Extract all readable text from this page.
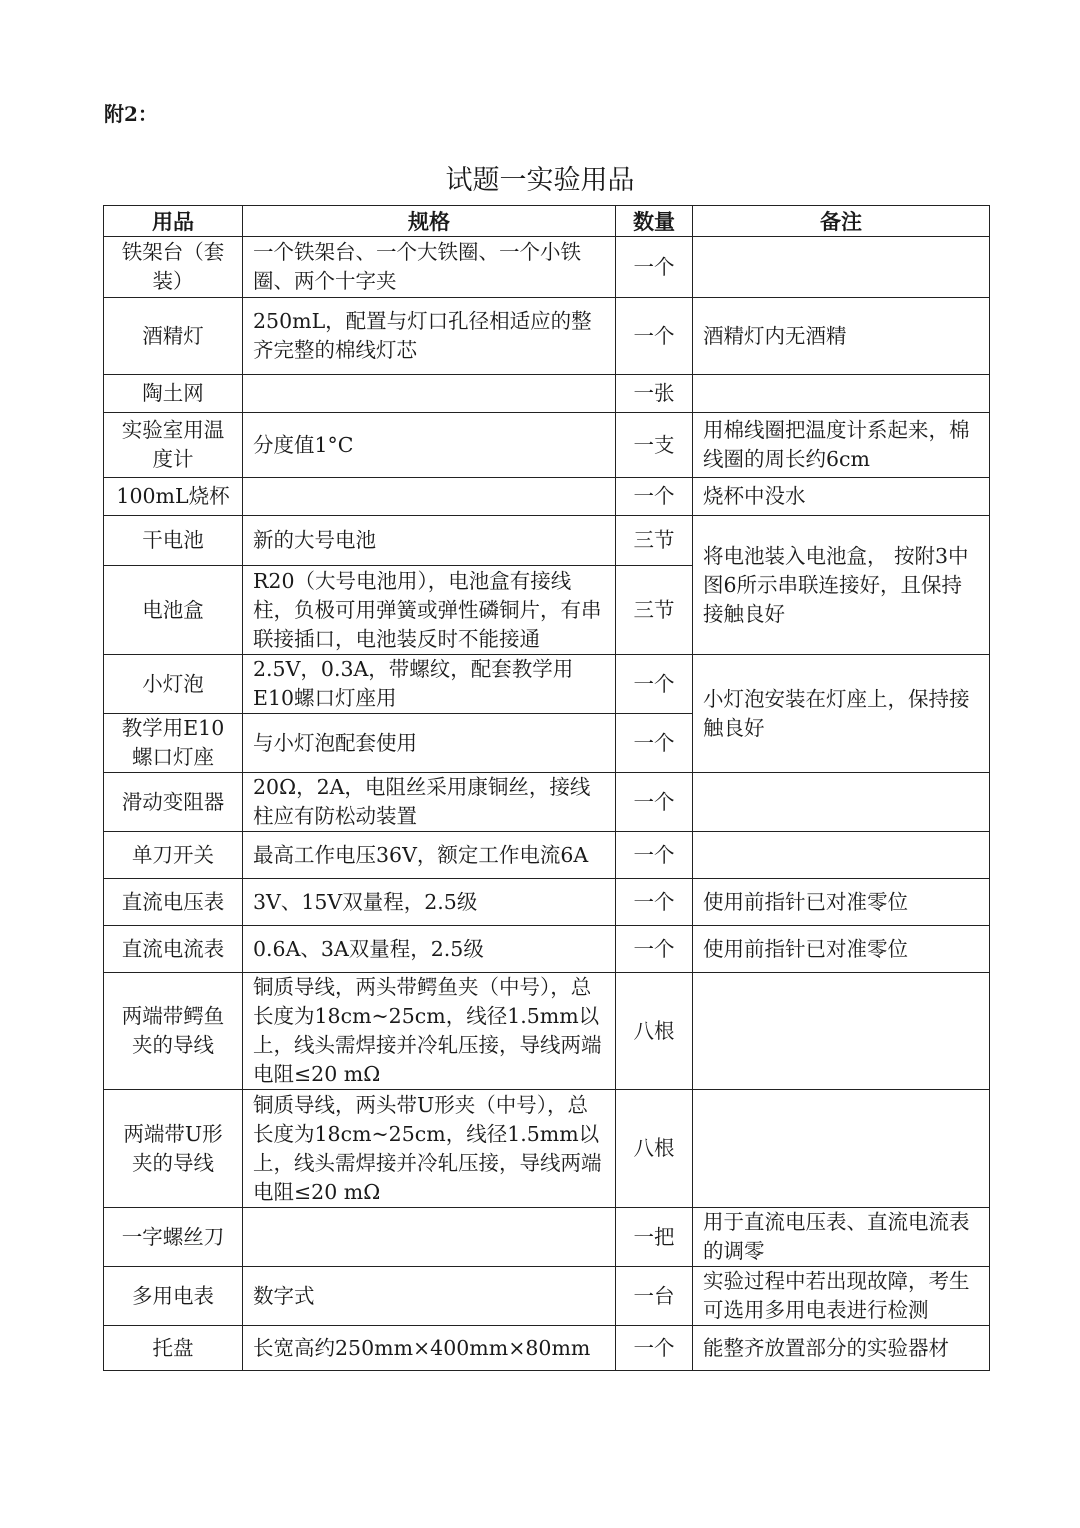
附2：
试题一实验用品
用品	规格	数量	备注
铁架台（套装）	一个铁架台、一个大铁圈、一个小铁圈、两个十字夹	一个	
酒精灯	250mL，配置与灯口孔径相适应的整齐完整的棉线灯芯	一个	酒精灯内无酒精
陶土网		一张	
实验室用温度计	分度值1°C	一支	用棉线圈把温度计系起来，棉线圈的周长约6cm
100mL烧杯		一个	烧杯中没水
干电池	新的大号电池	三节	将电池装入电池盒， 按附3中图6所示串联连接好，且保持接触良好
电池盒	R20（大号电池用），电池盒有接线柱，负极可用弹簧或弹性磷铜片，有串联接插口，电池装反时不能接通	三节	
小灯泡	2.5V，0.3A，带螺纹，配套教学用E10螺口灯座用	一个	小灯泡安装在灯座上，保持接触良好
教学用E10螺口灯座	与小灯泡配套使用	一个	
滑动变阻器	20Ω，2A，电阻丝采用康铜丝，接线柱应有防松动装置	一个	
单刀开关	最高工作电压36V，额定工作电流6A	一个	
直流电压表	3V、15V双量程，2.5级	一个	使用前指针已对准零位
直流电流表	0.6A、3A双量程，2.5级	一个	使用前指针已对准零位
两端带鳄鱼夹的导线	铜质导线，两头带鳄鱼夹（中号），总长度为18cm~25cm，线径1.5mm以上，线头需焊接并冷轧压接，导线两端电阻≤20 mΩ	八根	
两端带U形夹的导线	铜质导线，两头带U形夹（中号），总长度为18cm~25cm，线径1.5mm以上，线头需焊接并冷轧压接，导线两端电阻≤20 mΩ	八根	
一字螺丝刀		一把	用于直流电压表、直流电流表的调零
多用电表	数字式	一台	实验过程中若出现故障，考生可选用多用电表进行检测
托盘	长宽高约250mm×400mm×80mm	一个	能整齐放置部分的实验器材
